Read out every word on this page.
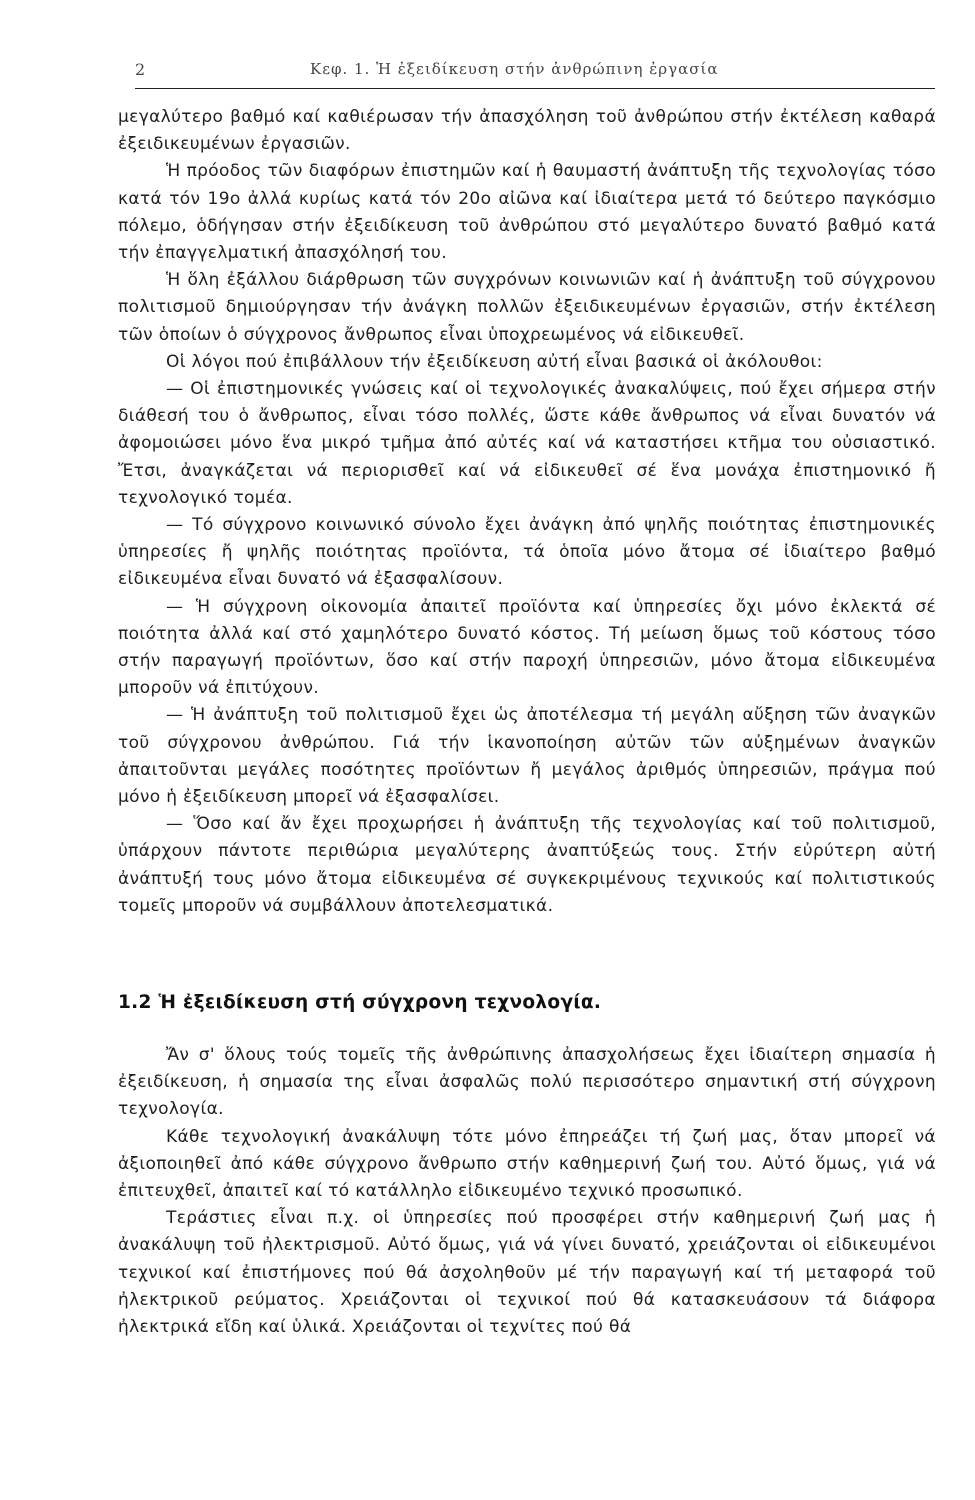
2	Κεφ. 1. Ἡ ἐξειδίκευση στήν ἀνθρώπινη ἐργασία

μεγαλύτερο βαθμό καί καθιέρωσαν τήν ἀπασχόληση τοῦ ἀνθρώπου στήν ἐκτέλεση καθαρά ἐξειδικευμένων ἐργασιῶν.

Ἡ πρόοδος τῶν διαφόρων ἐπιστημῶν καί ἡ θαυμαστή ἀνάπτυξη τῆς τεχνολογίας τόσο κατά τόν 19ο ἀλλά κυρίως κατά τόν 20ο αἰῶνα καί ἰδιαίτερα μετά τό δεύτερο παγκόσμιο πόλεμο, ὁδήγησαν στήν ἐξειδίκευση τοῦ ἀνθρώπου στό μεγαλύτερο δυνατό βαθμό κατά τήν ἐπαγγελματική ἀπασχόλησή του.

Ἡ ὅλη ἐξάλλου διάρθρωση τῶν συγχρόνων κοινωνιῶν καί ἡ ἀνάπτυξη τοῦ σύγχρονου πολιτισμοῦ δημιούργησαν τήν ἀνάγκη πολλῶν ἐξειδικευμένων ἐργασιῶν, στήν ἐκτέλεση τῶν ὁποίων ὁ σύγχρονος ἄνθρωπος εἶναι ὑποχρεωμένος νά εἰδικευθεῖ.

Οἱ λόγοι πού ἐπιβάλλουν τήν ἐξειδίκευση αὐτή εἶναι βασικά οἱ ἀκόλουθοι:

— Οἱ ἐπιστημονικές γνώσεις καί οἱ τεχνολογικές ἀνακαλύψεις, πού ἔχει σήμερα στήν διάθεσή του ὁ ἄνθρωπος, εἶναι τόσο πολλές, ὥστε κάθε ἄνθρωπος νά εἶναι δυνατόν νά ἀφομοιώσει μόνο ἕνα μικρό τμῆμα ἀπό αὐτές καί νά καταστήσει κτῆμα του οὐσιαστικό. Ἔτσι, ἀναγκάζεται νά περιορισθεῖ καί νά εἰδικευθεῖ σέ ἕνα μονάχα ἐπιστημονικό ἤ τεχνολογικό τομέα.

— Τό σύγχρονο κοινωνικό σύνολο ἔχει ἀνάγκη ἀπό ψηλῆς ποιότητας ἐπιστημονικές ὑπηρεσίες ἤ ψηλῆς ποιότητας προϊόντα, τά ὁποῖα μόνο ἄτομα σέ ἰδιαίτερο βαθμό εἰδικευμένα εἶναι δυνατό νά ἐξασφαλίσουν.

— Ἡ σύγχρονη οἰκονομία ἀπαιτεῖ προϊόντα καί ὑπηρεσίες ὄχι μόνο ἐκλεκτά σέ ποιότητα ἀλλά καί στό χαμηλότερο δυνατό κόστος. Τή μείωση ὅμως τοῦ κόστους τόσο στήν παραγωγή προϊόντων, ὅσο καί στήν παροχή ὑπηρεσιῶν, μόνο ἄτομα εἰδικευμένα μποροῦν νά ἐπιτύχουν.

— Ἡ ἀνάπτυξη τοῦ πολιτισμοῦ ἔχει ὡς ἀποτέλεσμα τή μεγάλη αὔξηση τῶν ἀναγκῶν τοῦ σύγχρονου ἀνθρώπου. Γιά τήν ἱκανοποίηση αὐτῶν τῶν αὐξημένων ἀναγκῶν ἀπαιτοῦνται μεγάλες ποσότητες προϊόντων ἤ μεγάλος ἀριθμός ὑπηρεσιῶν, πράγμα πού μόνο ἡ ἐξειδίκευση μπορεῖ νά ἐξασφαλίσει.

— Ὅσο καί ἄν ἔχει προχωρήσει ἡ ἀνάπτυξη τῆς τεχνολογίας καί τοῦ πολιτισμοῦ, ὑπάρχουν πάντοτε περιθώρια μεγαλύτερης ἀναπτύξεώς τους. Στήν εὐρύτερη αὐτή ἀνάπτυξή τους μόνο ἄτομα εἰδικευμένα σέ συγκεκριμένους τεχνικούς καί πολιτιστικούς τομεῖς μποροῦν νά συμβάλλουν ἀποτελεσματικά.

1.2 Ἡ ἐξειδίκευση στή σύγχρονη τεχνολογία.

Ἄν σ' ὅλους τούς τομεῖς τῆς ἀνθρώπινης ἀπασχολήσεως ἔχει ἰδιαίτερη σημασία ἡ ἐξειδίκευση, ἡ σημασία της εἶναι ἀσφαλῶς πολύ περισσότερο σημαντική στή σύγχρονη τεχνολογία.

Κάθε τεχνολογική ἀνακάλυψη τότε μόνο ἐπηρεάζει τή ζωή μας, ὅταν μπορεῖ νά ἀξιοποιηθεῖ ἀπό κάθε σύγχρονο ἄνθρωπο στήν καθημερινή ζωή του. Αὐτό ὅμως, γιά νά ἐπιτευχθεῖ, ἀπαιτεῖ καί τό κατάλληλο εἰδικευμένο τεχνικό προσωπικό.

Τεράστιες εἶναι π.χ. οἱ ὑπηρεσίες πού προσφέρει στήν καθημερινή ζωή μας ἡ ἀνακάλυψη τοῦ ἠλεκτρισμοῦ. Αὐτό ὅμως, γιά νά γίνει δυνατό, χρειάζονται οἱ εἰδικευμένοι τεχνικοί καί ἐπιστήμονες πού θά ἀσχοληθοῦν μέ τήν παραγωγή καί τή μεταφορά τοῦ ἠλεκτρικοῦ ρεύματος. Χρειάζονται οἱ τεχνικοί πού θά κατασκευάσουν τά διάφορα ἠλεκτρικά εἴδη καί ὑλικά. Χρειάζονται οἱ τεχνίτες πού θά
